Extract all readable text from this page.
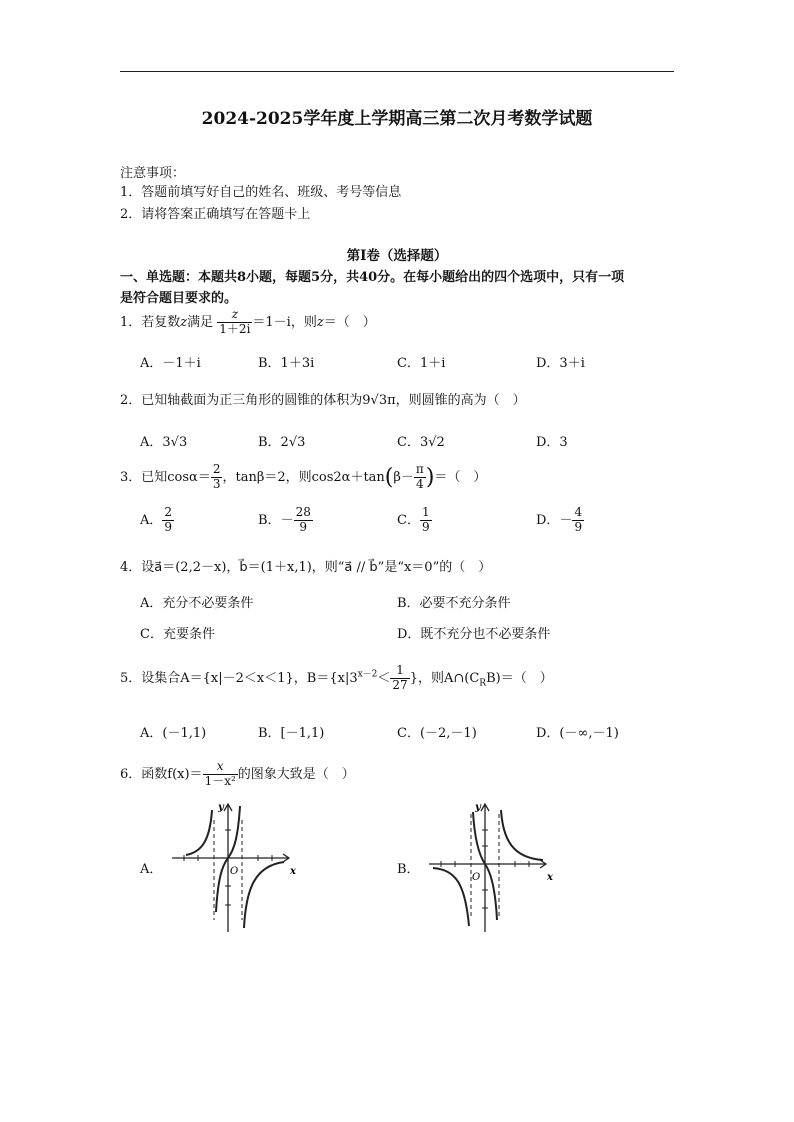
2024-2025学年度上学期高三第二次月考数学试题
注意事项：
1．答题前填写好自己的姓名、班级、考号等信息
2．请将答案正确填写在答题卡上
第Ⅰ卷（选择题）
一、单选题：本题共8小题，每题5分，共40分。在每小题给出的四个选项中，只有一项
是符合题目要求的。
1．若复数z满足 $\frac{z}{1+2i} =1-i$，则z＝（　）
A．－1＋i	B．1＋3i	C．1＋i	D．3＋i
2．已知轴截面为正三角形的圆锥的体积为9√3π，则圆锥的高为（　）
A．3√3	B．2√3	C．3√2	D．3
3．已知$\cos\alpha= \frac{2}{3}$ ，tanβ＝2，则$\cos 2\alpha+\tan(\beta- \frac{\pi}{4}$ )＝（　）
A． $\frac{2}{9}$	B．－ $\frac{28}{9}$	C． $\frac{1}{9}$	D．－ $\frac{4}{9}$
4．设a⃗＝(2,2－x)，b⃗＝(1＋x,1)，则“a⃗ // b⃗”是“x＝0”的（　）
A．充分不必要条件	B．必要不充分条件
C．充要条件	D．既不充分也不必要条件
5．设集合A＝{x|－2＜x＜1}，$B=\{x|3^{x-2}< \frac{1}{27}$ }，则$A\cap(C_RB)=$（　）
A．(－1,1)	B．[－1,1)	C．(－2,－1)	D．(－∞,－1)
6．函数$f(x)= \frac{x}{\text{1－x²}}$ 的图象大致是（　）
A．
y
x
O	B．
y
x
O
